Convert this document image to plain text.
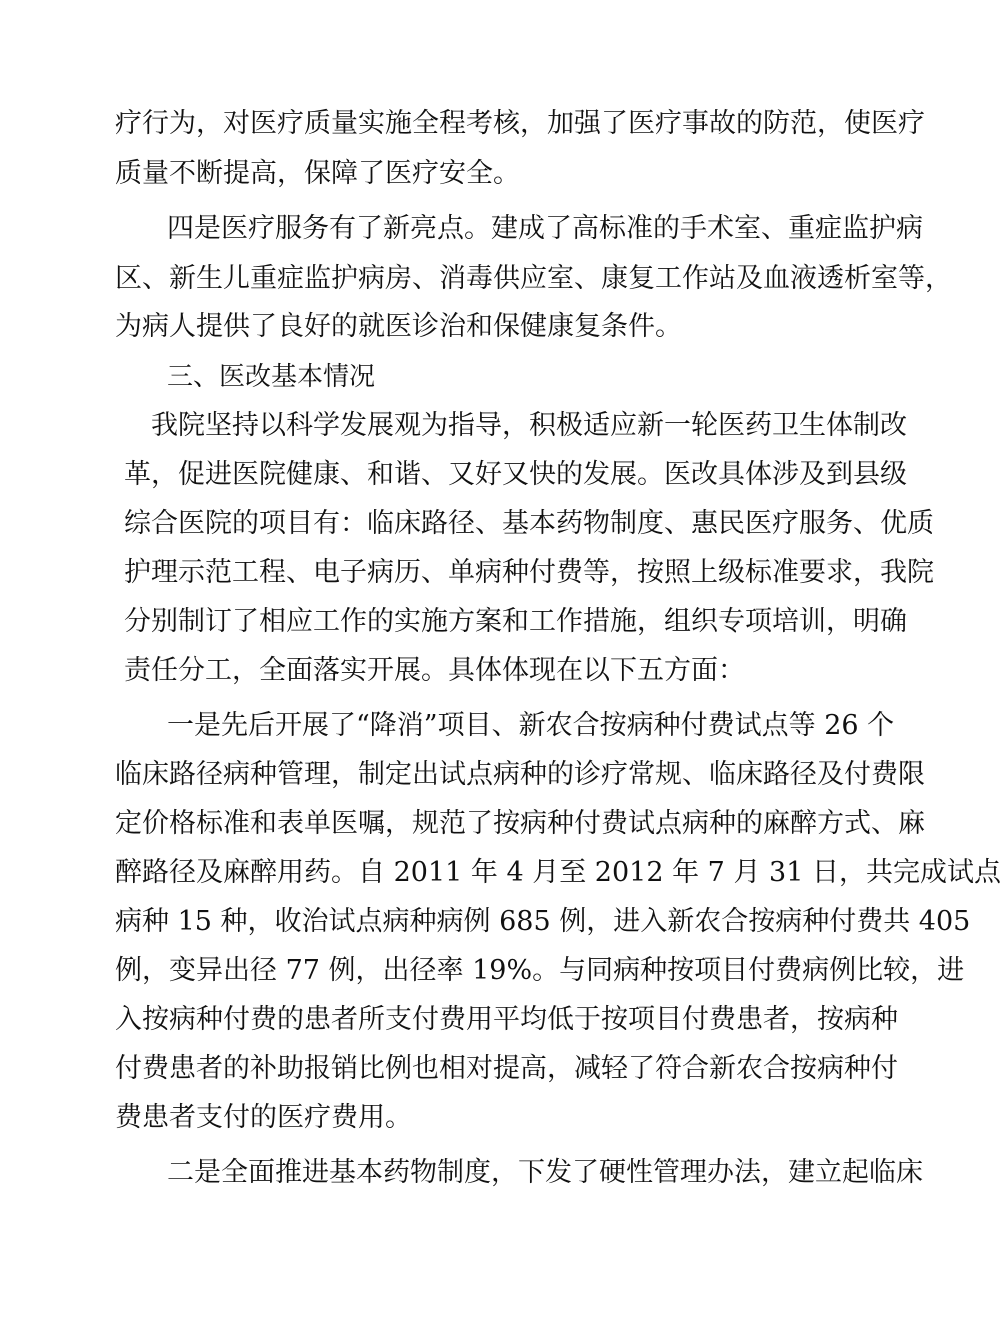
疗行为，对医疗质量实施全程考核，加强了医疗事故的防范，使医疗
质量不断提高，保障了医疗安全。
四是医疗服务有了新亮点。建成了高标准的手术室、重症监护病
区、新生儿重症监护病房、消毒供应室、康复工作站及血液透析室等，
为病人提供了良好的就医诊治和保健康复条件。
三、医改基本情况
我院坚持以科学发展观为指导，积极适应新一轮医药卫生体制改
革，促进医院健康、和谐、又好又快的发展。医改具体涉及到县级
综合医院的项目有：临床路径、基本药物制度、惠民医疗服务、优质
护理示范工程、电子病历、单病种付费等，按照上级标准要求，我院
分别制订了相应工作的实施方案和工作措施，组织专项培训，明确
责任分工，全面落实开展。具体体现在以下五方面：
一是先后开展了“降消”项目、新农合按病种付费试点等 26 个
临床路径病种管理，制定出试点病种的诊疗常规、临床路径及付费限
定价格标准和表单医嘱，规范了按病种付费试点病种的麻醉方式、麻
醉路径及麻醉用药。自 2011 年 4 月至 2012 年 7 月 31 日，共完成试点
病种 15 种，收治试点病种病例 685 例，进入新农合按病种付费共 405
例，变异出径 77 例，出径率 19%。与同病种按项目付费病例比较，进
入按病种付费的患者所支付费用平均低于按项目付费患者，按病种
付费患者的补助报销比例也相对提高，减轻了符合新农合按病种付
费患者支付的医疗费用。
二是全面推进基本药物制度，下发了硬性管理办法，建立起临床
